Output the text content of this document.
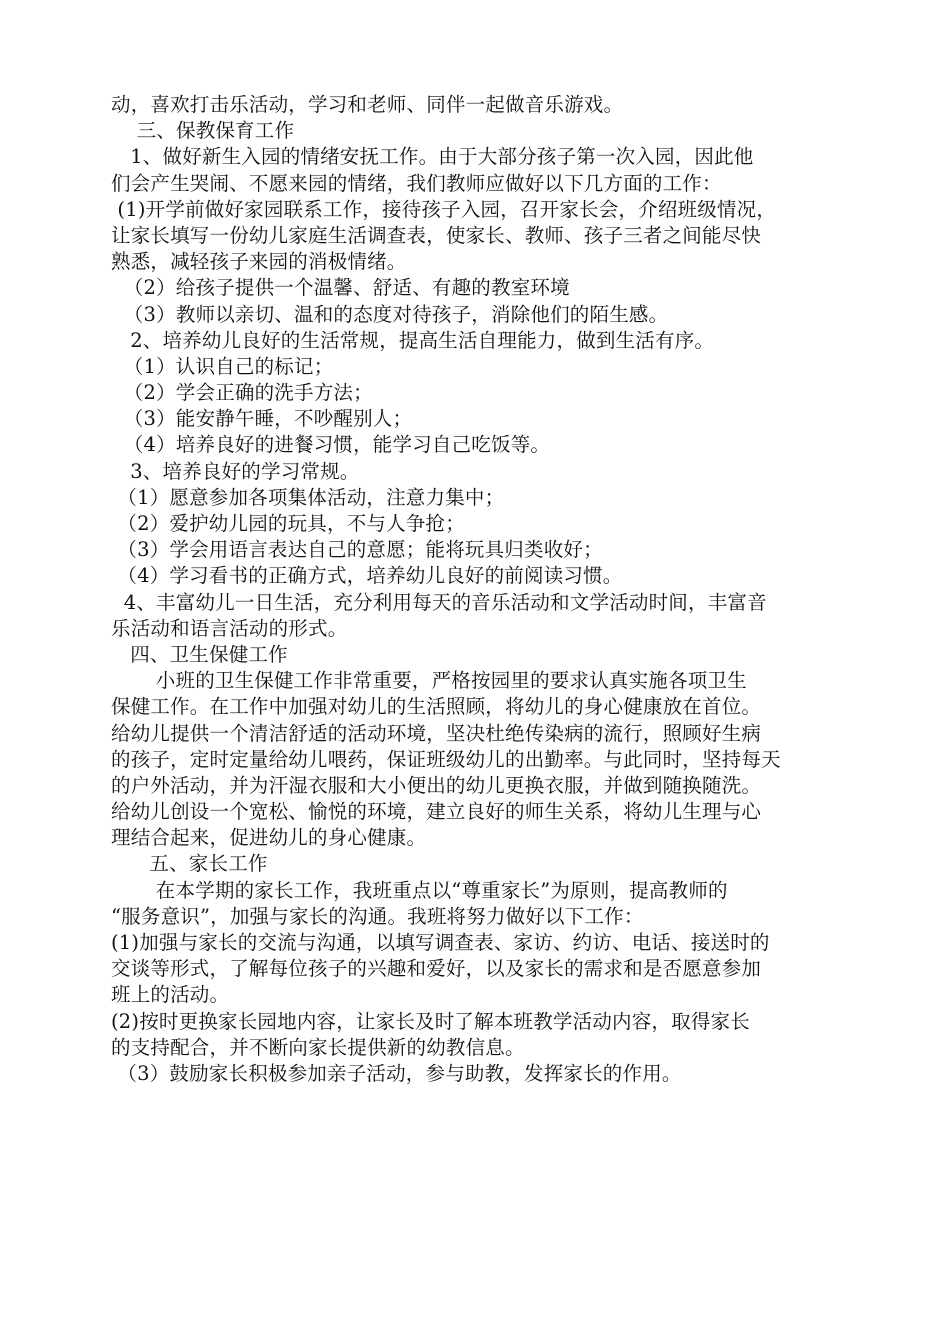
动，喜欢打击乐活动，学习和老师、同伴一起做音乐游戏。
三、保教保育工作
1、做好新生入园的情绪安抚工作。由于大部分孩子第一次入园，因此他
们会产生哭闹、不愿来园的情绪，我们教师应做好以下几方面的工作：
(1)开学前做好家园联系工作，接待孩子入园，召开家长会，介绍班级情况，
让家长填写一份幼儿家庭生活调查表，使家长、教师、孩子三者之间能尽快
熟悉，减轻孩子来园的消极情绪。
（2）给孩子提供一个温馨、舒适、有趣的教室环境
（3）教师以亲切、温和的态度对待孩子，消除他们的陌生感。
2、培养幼儿良好的生活常规，提高生活自理能力，做到生活有序。
（1）认识自己的标记；
（2）学会正确的洗手方法；
（3）能安静午睡，不吵醒别人；
（4）培养良好的进餐习惯，能学习自己吃饭等。
3、培养良好的学习常规。
（1）愿意参加各项集体活动，注意力集中；
（2）爱护幼儿园的玩具，不与人争抢；
（3）学会用语言表达自己的意愿；能将玩具归类收好；
（4）学习看书的正确方式，培养幼儿良好的前阅读习惯。
4、丰富幼儿一日生活，充分利用每天的音乐活动和文学活动时间，丰富音
乐活动和语言活动的形式。
四、卫生保健工作
小班的卫生保健工作非常重要，严格按园里的要求认真实施各项卫生
保健工作。在工作中加强对幼儿的生活照顾，将幼儿的身心健康放在首位。
给幼儿提供一个清洁舒适的活动环境，坚决杜绝传染病的流行，照顾好生病
的孩子，定时定量给幼儿喂药，保证班级幼儿的出勤率。与此同时，坚持每天
的户外活动，并为汗湿衣服和大小便出的幼儿更换衣服，并做到随换随洗。
给幼儿创设一个宽松、愉悦的环境，建立良好的师生关系，将幼儿生理与心
理结合起来，促进幼儿的身心健康。
五、家长工作
在本学期的家长工作，我班重点以“尊重家长”为原则，提高教师的
“服务意识”，加强与家长的沟通。我班将努力做好以下工作：
(1)加强与家长的交流与沟通，以填写调查表、家访、约访、电话、接送时的
交谈等形式，了解每位孩子的兴趣和爱好，以及家长的需求和是否愿意参加
班上的活动。
(2)按时更换家长园地内容，让家长及时了解本班教学活动内容，取得家长
的支持配合，并不断向家长提供新的幼教信息。
（3）鼓励家长积极参加亲子活动，参与助教，发挥家长的作用。
